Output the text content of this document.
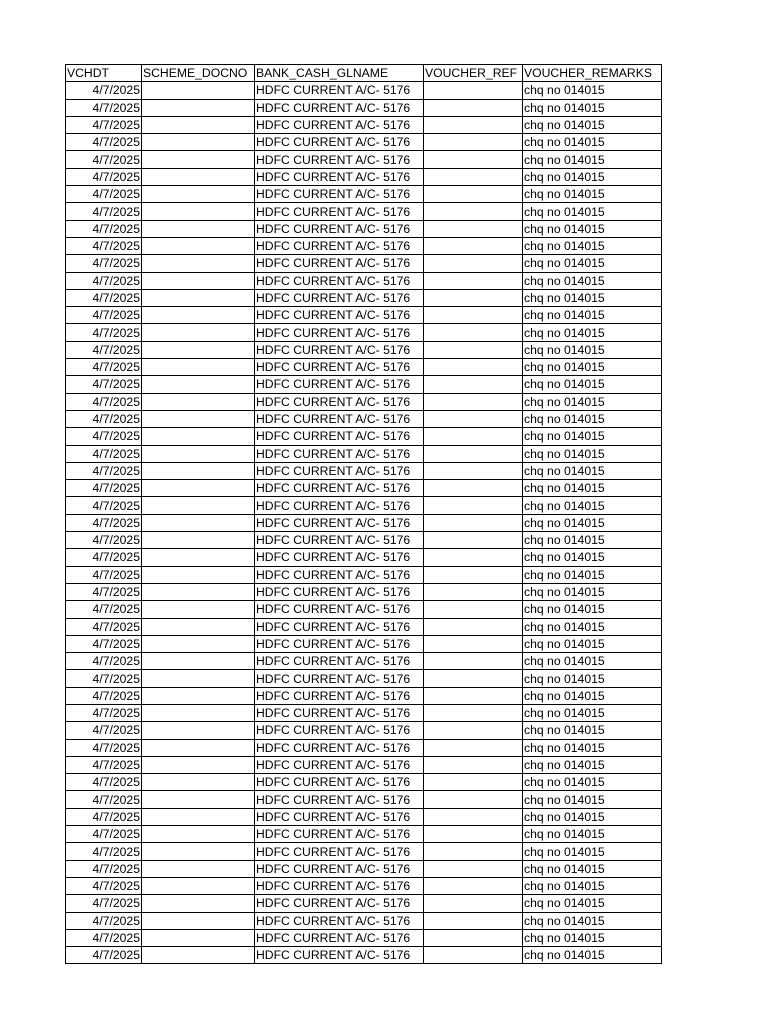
VCHDT	SCHEME_DOCNO	BANK_CASH_GLNAME	VOUCHER_REF	VOUCHER_REMARKS
4/7/2025		HDFC CURRENT A/C- 5176		chq no 014015
4/7/2025		HDFC CURRENT A/C- 5176		chq no 014015
4/7/2025		HDFC CURRENT A/C- 5176		chq no 014015
4/7/2025		HDFC CURRENT A/C- 5176		chq no 014015
4/7/2025		HDFC CURRENT A/C- 5176		chq no 014015
4/7/2025		HDFC CURRENT A/C- 5176		chq no 014015
4/7/2025		HDFC CURRENT A/C- 5176		chq no 014015
4/7/2025		HDFC CURRENT A/C- 5176		chq no 014015
4/7/2025		HDFC CURRENT A/C- 5176		chq no 014015
4/7/2025		HDFC CURRENT A/C- 5176		chq no 014015
4/7/2025		HDFC CURRENT A/C- 5176		chq no 014015
4/7/2025		HDFC CURRENT A/C- 5176		chq no 014015
4/7/2025		HDFC CURRENT A/C- 5176		chq no 014015
4/7/2025		HDFC CURRENT A/C- 5176		chq no 014015
4/7/2025		HDFC CURRENT A/C- 5176		chq no 014015
4/7/2025		HDFC CURRENT A/C- 5176		chq no 014015
4/7/2025		HDFC CURRENT A/C- 5176		chq no 014015
4/7/2025		HDFC CURRENT A/C- 5176		chq no 014015
4/7/2025		HDFC CURRENT A/C- 5176		chq no 014015
4/7/2025		HDFC CURRENT A/C- 5176		chq no 014015
4/7/2025		HDFC CURRENT A/C- 5176		chq no 014015
4/7/2025		HDFC CURRENT A/C- 5176		chq no 014015
4/7/2025		HDFC CURRENT A/C- 5176		chq no 014015
4/7/2025		HDFC CURRENT A/C- 5176		chq no 014015
4/7/2025		HDFC CURRENT A/C- 5176		chq no 014015
4/7/2025		HDFC CURRENT A/C- 5176		chq no 014015
4/7/2025		HDFC CURRENT A/C- 5176		chq no 014015
4/7/2025		HDFC CURRENT A/C- 5176		chq no 014015
4/7/2025		HDFC CURRENT A/C- 5176		chq no 014015
4/7/2025		HDFC CURRENT A/C- 5176		chq no 014015
4/7/2025		HDFC CURRENT A/C- 5176		chq no 014015
4/7/2025		HDFC CURRENT A/C- 5176		chq no 014015
4/7/2025		HDFC CURRENT A/C- 5176		chq no 014015
4/7/2025		HDFC CURRENT A/C- 5176		chq no 014015
4/7/2025		HDFC CURRENT A/C- 5176		chq no 014015
4/7/2025		HDFC CURRENT A/C- 5176		chq no 014015
4/7/2025		HDFC CURRENT A/C- 5176		chq no 014015
4/7/2025		HDFC CURRENT A/C- 5176		chq no 014015
4/7/2025		HDFC CURRENT A/C- 5176		chq no 014015
4/7/2025		HDFC CURRENT A/C- 5176		chq no 014015
4/7/2025		HDFC CURRENT A/C- 5176		chq no 014015
4/7/2025		HDFC CURRENT A/C- 5176		chq no 014015
4/7/2025		HDFC CURRENT A/C- 5176		chq no 014015
4/7/2025		HDFC CURRENT A/C- 5176		chq no 014015
4/7/2025		HDFC CURRENT A/C- 5176		chq no 014015
4/7/2025		HDFC CURRENT A/C- 5176		chq no 014015
4/7/2025		HDFC CURRENT A/C- 5176		chq no 014015
4/7/2025		HDFC CURRENT A/C- 5176		chq no 014015
4/7/2025		HDFC CURRENT A/C- 5176		chq no 014015
4/7/2025		HDFC CURRENT A/C- 5176		chq no 014015
4/7/2025		HDFC CURRENT A/C- 5176		chq no 014015
